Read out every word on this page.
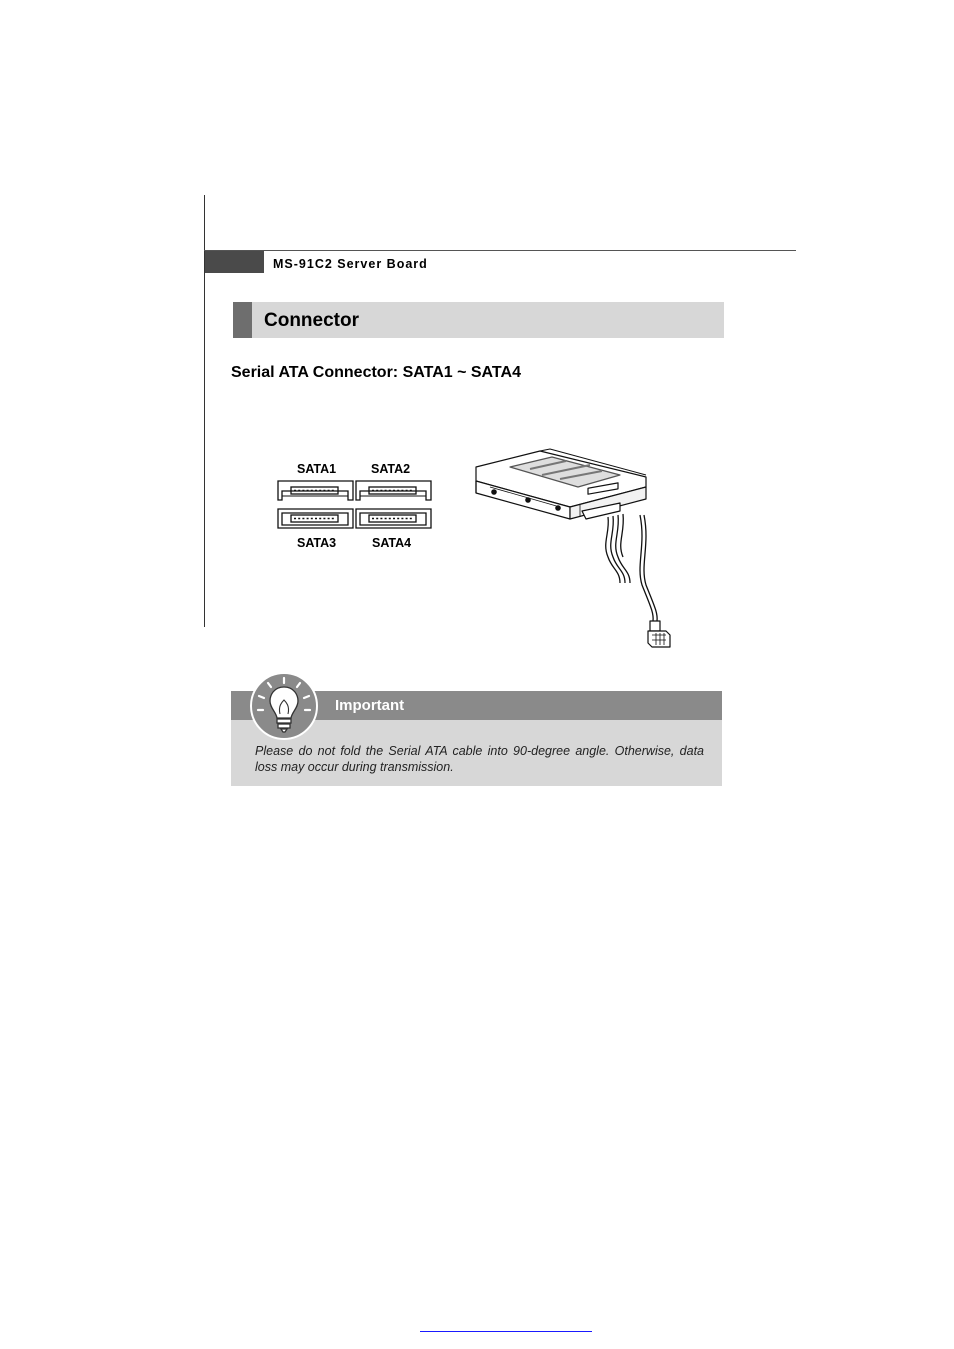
MS-91C2 Server Board
Connector
Serial ATA Connector: SATA1 ~ SATA4
SATA1	SATA2
SATA3	SATA4
Important
Please do not fold the Serial ATA cable into 90-degree angle. Otherwise, data loss may occur during transmission.
